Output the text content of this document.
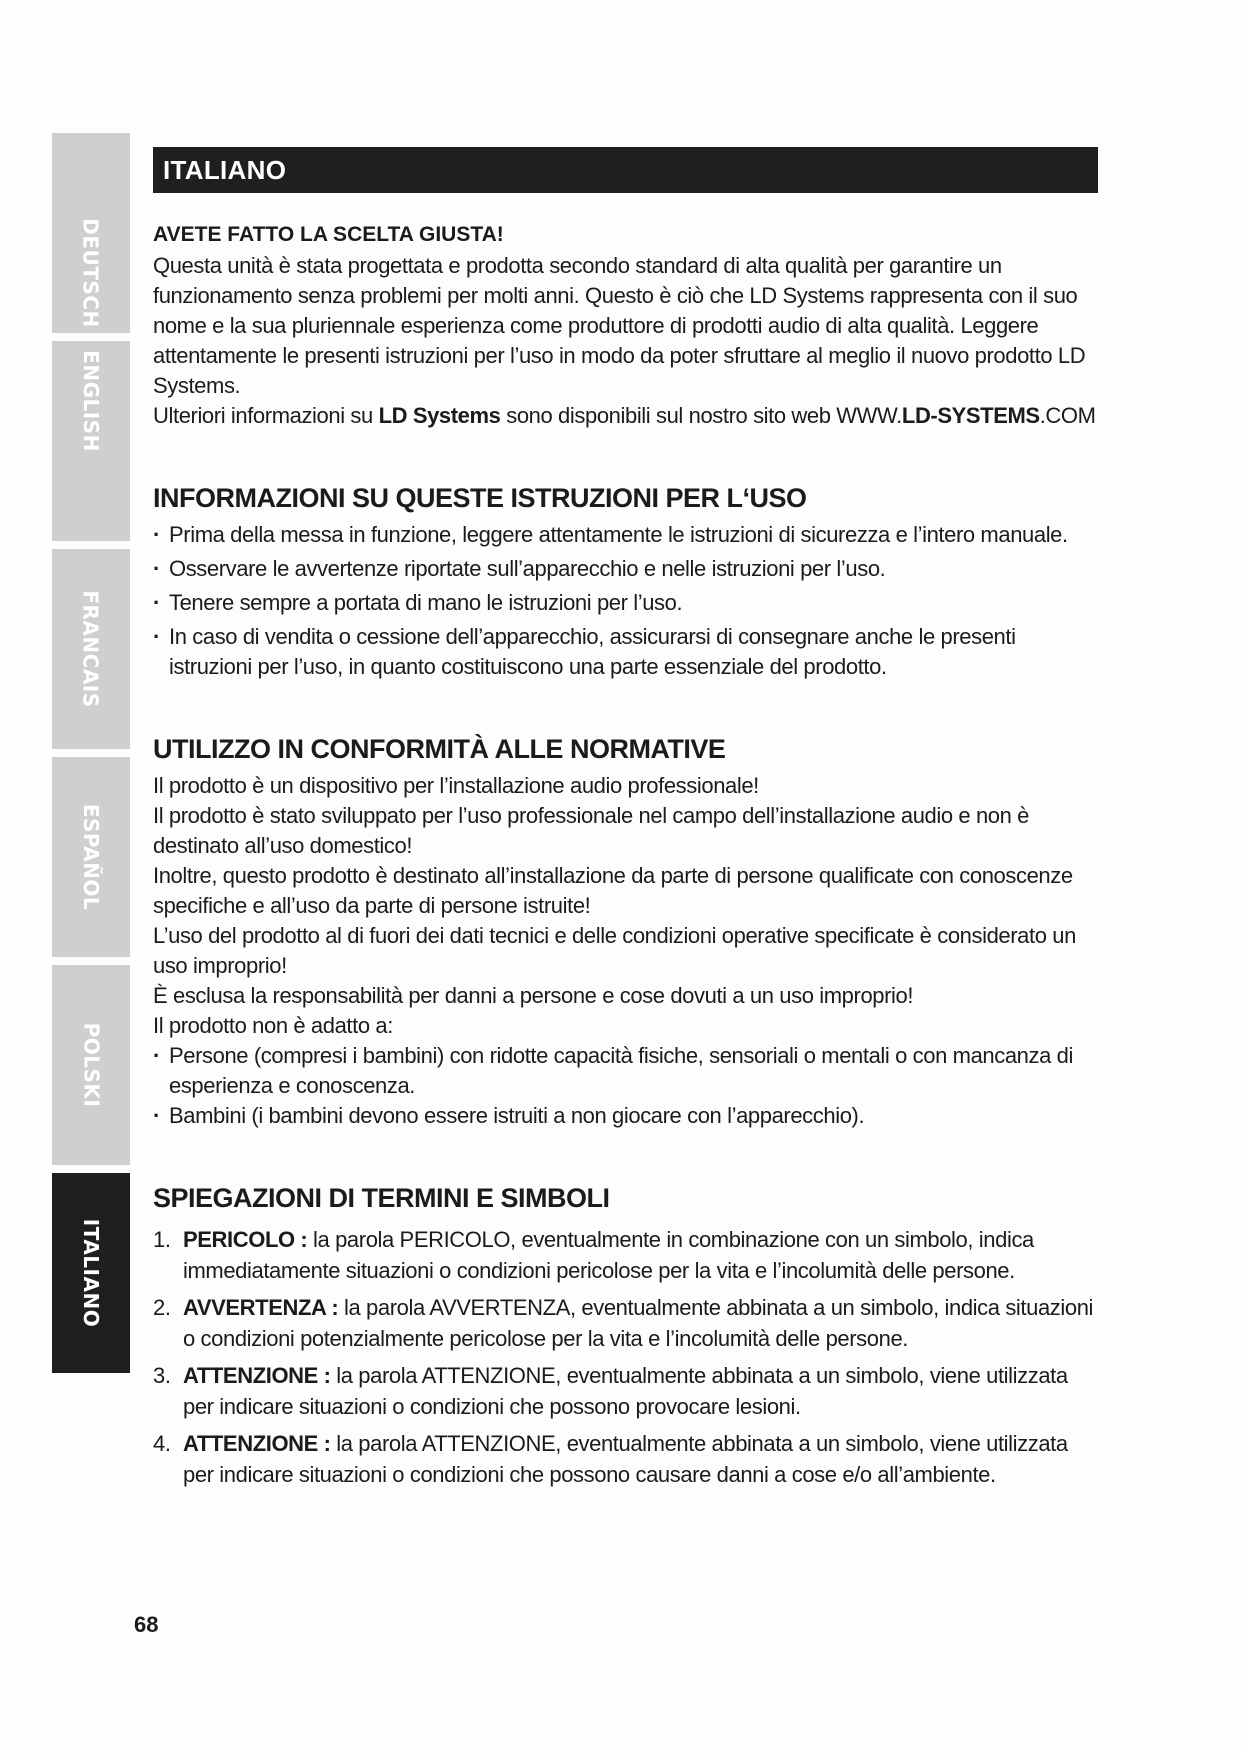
DEUTSCH
ENGLISH
FRANCAIS
ESPAÑOL
POLSKI
ITALIANO
ITALIANO
AVETE FATTO LA SCELTA GIUSTA!

Questa unità è stata progettata e prodotta secondo standard di alta qualità per garantire un funzionamento senza problemi per molti anni. Questo è ciò che LD Systems rappresenta con il suo nome e la sua pluriennale esperienza come produttore di prodotti audio di alta qualità. Leggere attentamente le presenti istruzioni per l’uso in modo da poter sfruttare al meglio il nuovo prodotto LD Systems.

Ulteriori informazioni su LD Systems sono disponibili sul nostro sito web WWW.LD-SYSTEMS.COM

INFORMAZIONI SU QUESTE ISTRUZIONI PER L‘USO
· Prima della messa in funzione, leggere attentamente le istruzioni di sicurezza e l’intero manuale.
· Osservare le avvertenze riportate sull’apparecchio e nelle istruzioni per l’uso.
· Tenere sempre a portata di mano le istruzioni per l’uso.
· In caso di vendita o cessione dell’apparecchio, assicurarsi di consegnare anche le presenti istruzioni per l’uso, in quanto costituiscono una parte essenziale del prodotto.
UTILIZZO IN CONFORMITÀ ALLE NORMATIVE

Il prodotto è un dispositivo per l’installazione audio professionale!

Il prodotto è stato sviluppato per l’uso professionale nel campo dell’installazione audio e non è destinato all’uso domestico!

Inoltre, questo prodotto è destinato all’installazione da parte di persone qualificate con conoscenze specifiche e all’uso da parte di persone istruite!

L’uso del prodotto al di fuori dei dati tecnici e delle condizioni operative specificate è considerato un uso improprio!

È esclusa la responsabilità per danni a persone e cose dovuti a un uso improprio!

Il prodotto non è adatto a:

· Persone (compresi i bambini) con ridotte capacità fisiche, sensoriali o mentali o con mancanza di esperienza e conoscenza.
· Bambini (i bambini devono essere istruiti a non giocare con l’apparecchio).
SPIEGAZIONI DI TERMINI E SIMBOLI
1. PERICOLO : la parola PERICOLO, eventualmente in combinazione con un simbolo, indica immediatamente situazioni o condizioni pericolose per la vita e l’incolumità delle persone.
2. AVVERTENZA : la parola AVVERTENZA, eventualmente abbinata a un simbolo, indica situazioni o condizioni potenzialmente pericolose per la vita e l’incolumità delle persone.
3. ATTENZIONE : la parola ATTENZIONE, eventualmente abbinata a un simbolo, viene utilizzata per indicare situazioni o condizioni che possono provocare lesioni.
4. ATTENZIONE : la parola ATTENZIONE, eventualmente abbinata a un simbolo, viene utilizzata per indicare situazioni o condizioni che possono causare danni a cose e/o all’ambiente.
68
